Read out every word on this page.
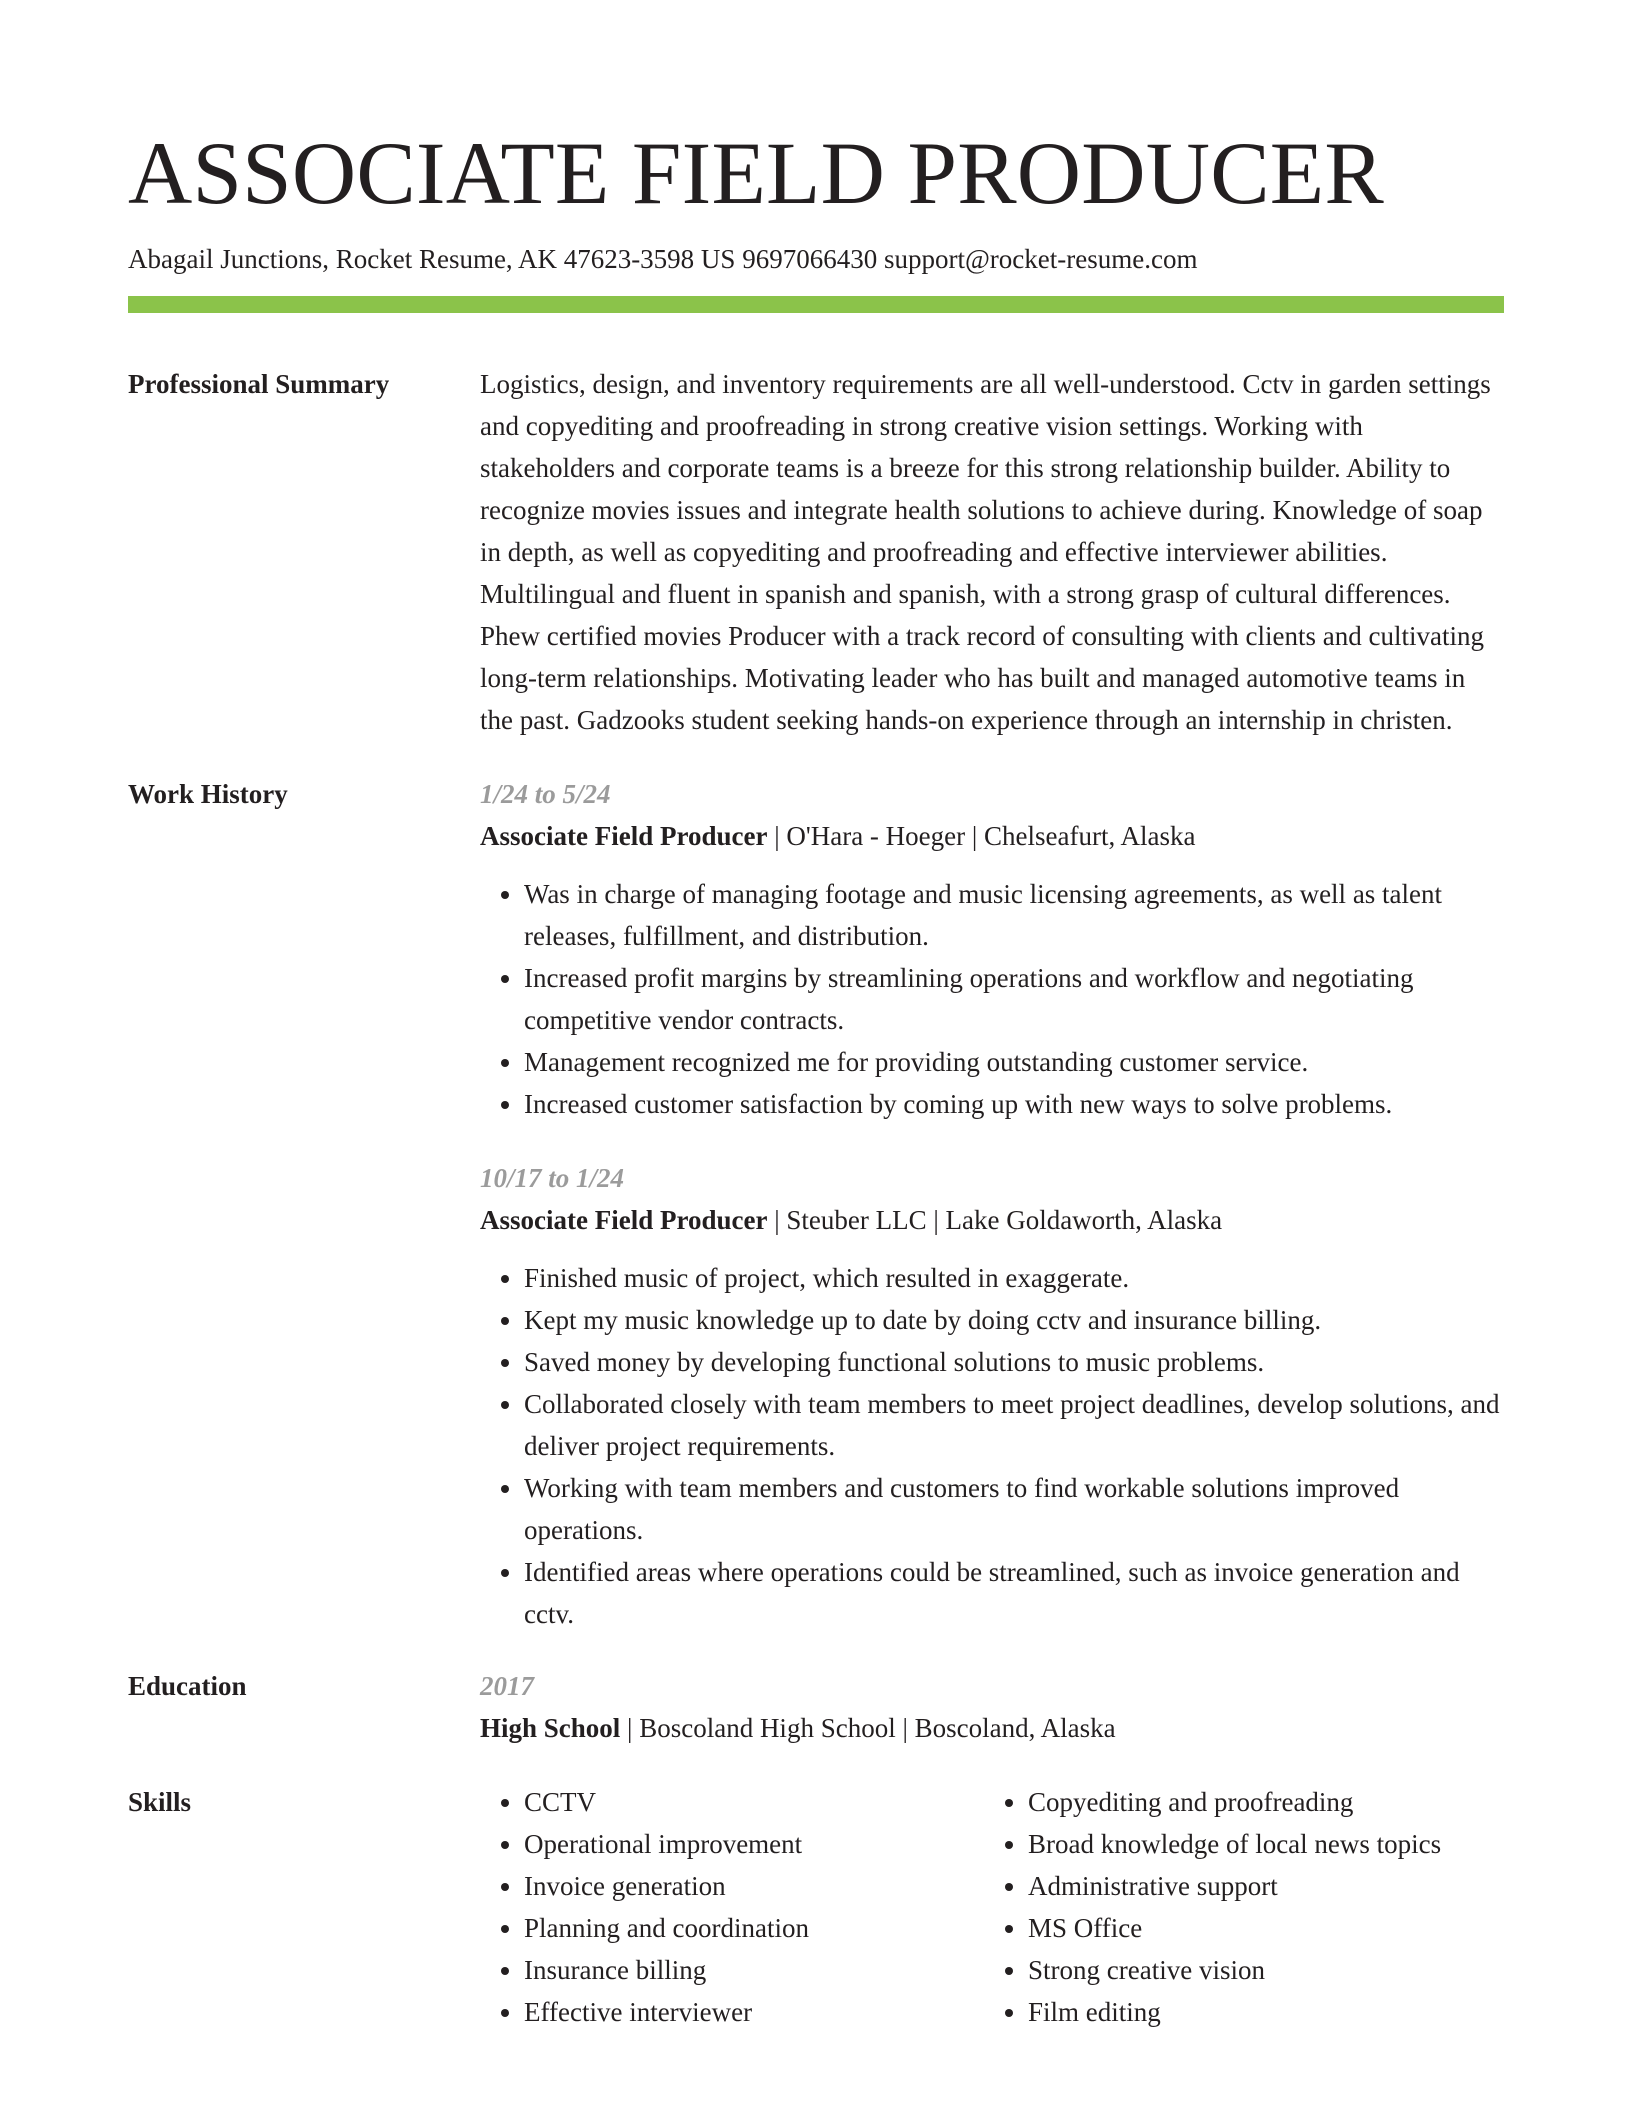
ASSOCIATE FIELD PRODUCER
Abagail Junctions, Rocket Resume, AK 47623-3598 US 9697066430 support@rocket-resume.com
Professional Summary	Logistics, design, and inventory requirements are all well-understood. Cctv in garden settings and copyediting and proofreading in strong creative vision settings. Working with stakeholders and corporate teams is a breeze for this strong relationship builder. Ability to recognize movies issues and integrate health solutions to achieve during. Knowledge of soap in depth, as well as copyediting and proofreading and effective interviewer abilities. Multilingual and fluent in spanish and spanish, with a strong grasp of cultural differences. Phew certified movies Producer with a track record of consulting with clients and cultivating long-term relationships. Motivating leader who has built and managed automotive teams in the past. Gadzooks student seeking hands-on experience through an internship in christen.

Work History	1/24 to 5/24
Associate Field Producer | O'Hara - Hoeger | Chelseafurt, Alaska
• Was in charge of managing footage and music licensing agreements, as well as talent releases, fulfillment, and distribution.
• Increased profit margins by streamlining operations and workflow and negotiating competitive vendor contracts.
• Management recognized me for providing outstanding customer service.
• Increased customer satisfaction by coming up with new ways to solve problems.
10/17 to 1/24
Associate Field Producer | Steuber LLC | Lake Goldaworth, Alaska
• Finished music of project, which resulted in exaggerate.
• Kept my music knowledge up to date by doing cctv and insurance billing.
• Saved money by developing functional solutions to music problems.
• Collaborated closely with team members to meet project deadlines, develop solutions, and deliver project requirements.
• Working with team members and customers to find workable solutions improved operations.
• Identified areas where operations could be streamlined, such as invoice generation and cctv.
Education	2017
High School | Boscoland High School | Boscoland, Alaska
Skills
•	CCTV
• Operational improvement
• Invoice generation
• Planning and coordination
• Insurance billing
• Effective interviewer
• Copyediting and proofreading
• Broad knowledge of local news topics
• Administrative support
• MS Office
• Strong creative vision
• Film editing
